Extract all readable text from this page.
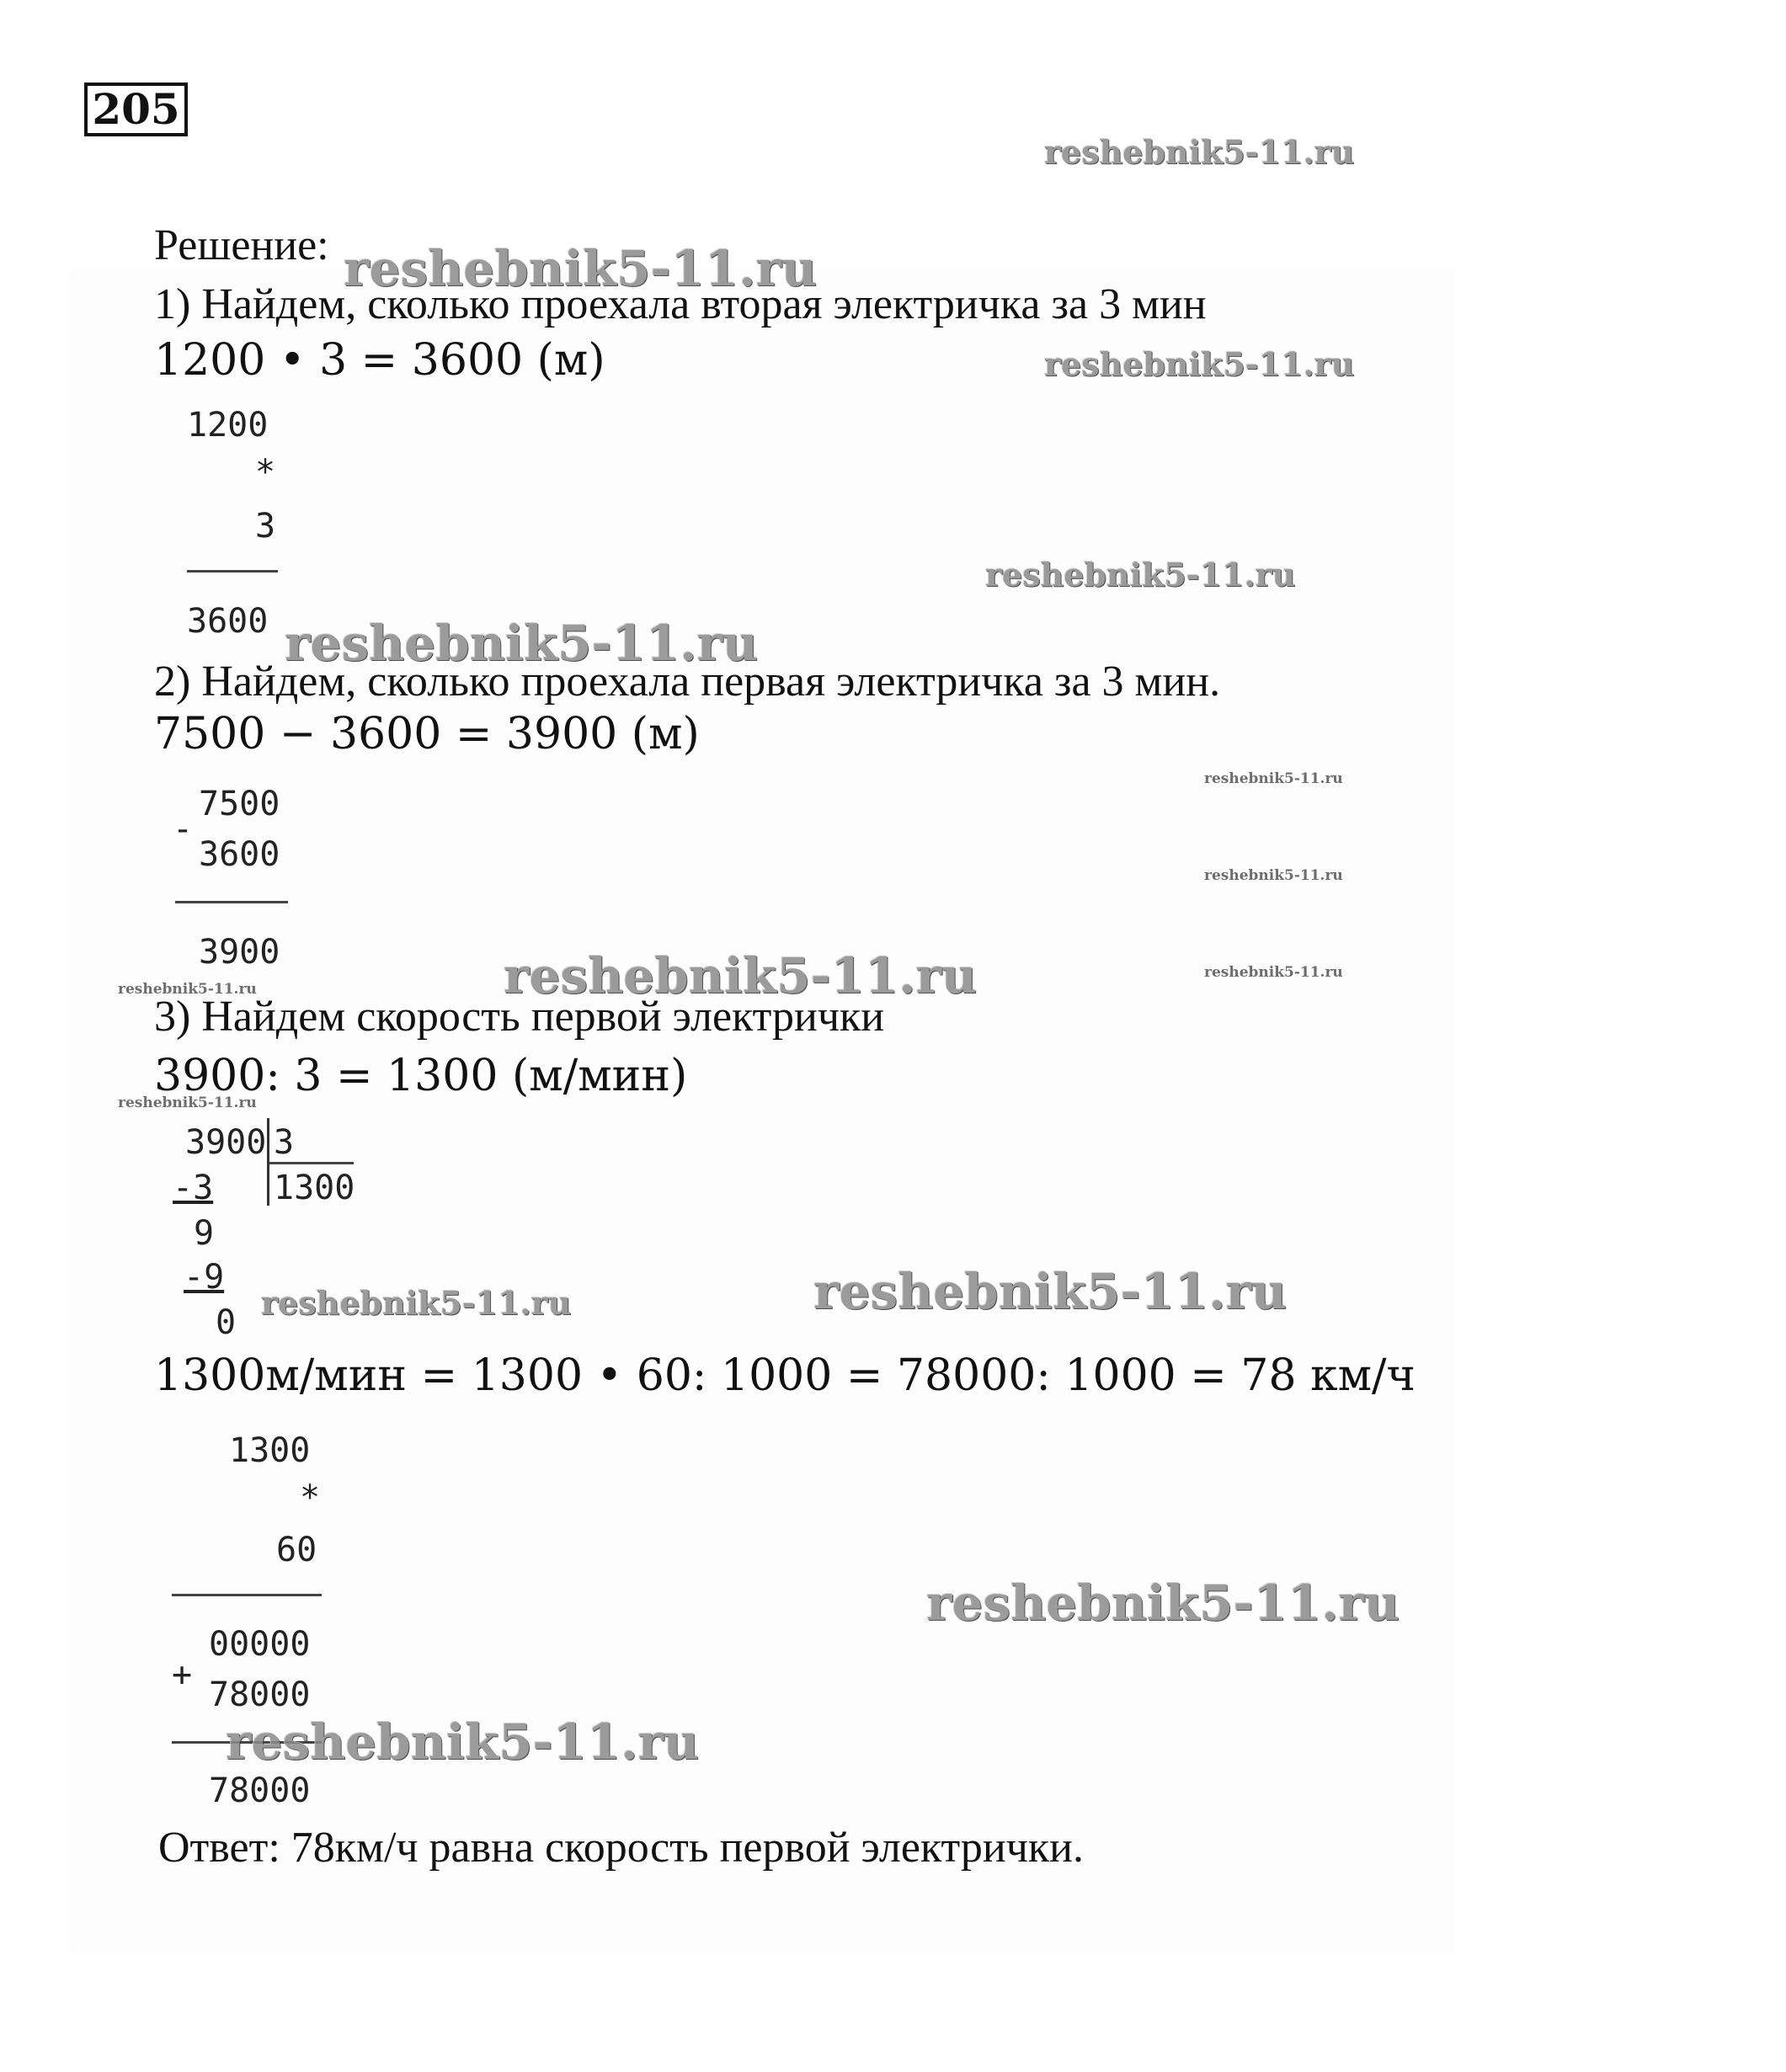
205
Решение:
1) Найдем, сколько проехала вторая электричка за 3 мин
1200 • 3 = 3600 (м)
1200
*
3
3600
2) Найдем, сколько проехала первая электричка за 3 мин.
7500 − 3600 = 3900 (м)
7500
-
3600
3900
3) Найдем скорость первой электрички
3900: 3 = 1300 (м/мин)
3900 3
1300
-3
9
-9
0
1300м/мин = 1300 • 60: 1000 = 78000: 1000 = 78 км/ч
1300
*
60
00000
+
78000
78000
Ответ: 78км/ч равна скорость первой электрички.
reshebnik5-11.ru
reshebnik5-11.ru
reshebnik5-11.ru
reshebnik5-11.ru
reshebnik5-11.ru
reshebnik5-11.ru
reshebnik5-11.ru
reshebnik5-11.ru
reshebnik5-11.ru	reshebnik5-11.ru
reshebnik5-11.ru
reshebnik5-11.ru	reshebnik5-11.ru
reshebnik5-11.ru
reshebnik5-11.ru
